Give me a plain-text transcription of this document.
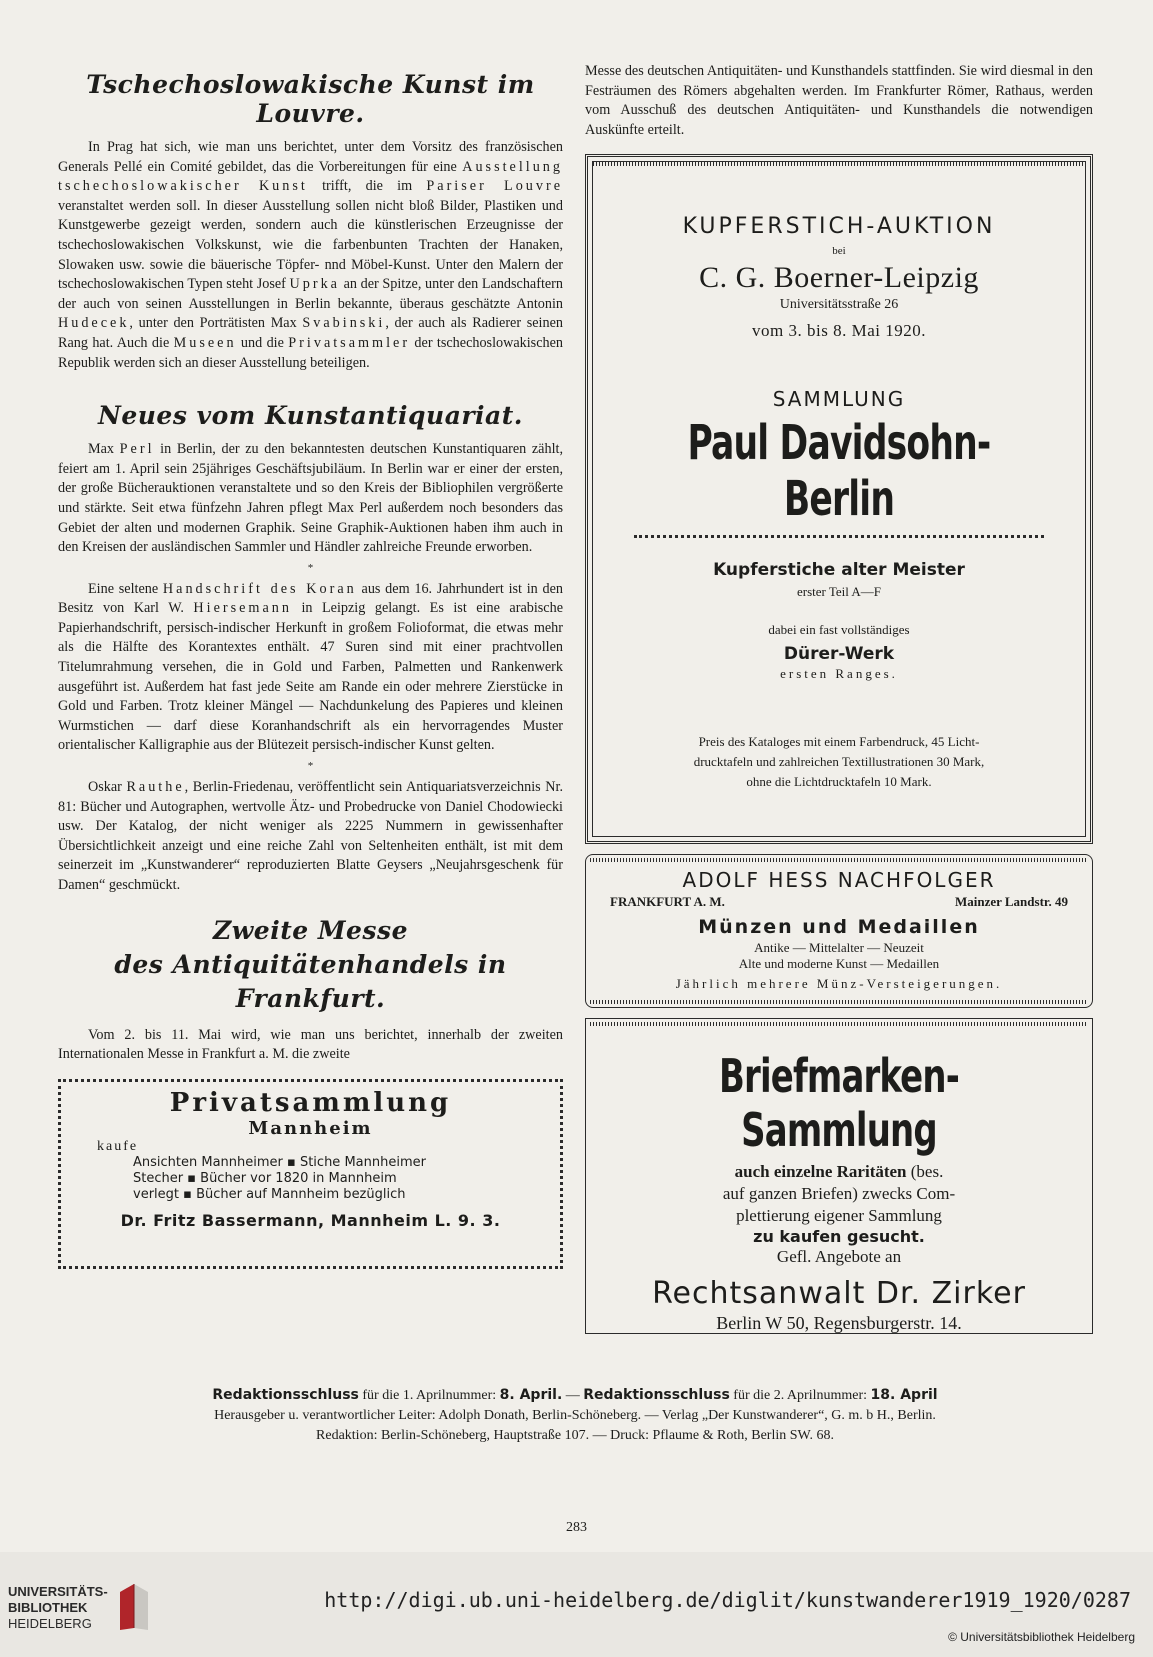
Tschechoslowakische Kunst im Louvre.

In Prag hat sich, wie man uns berichtet, unter dem Vorsitz des französischen Generals Pellé ein Comité gebildet, das die Vorbereitungen für eine Ausstellung tschechoslowakischer Kunst trifft, die im Pariser Louvre veranstaltet werden soll. In dieser Ausstellung sollen nicht bloß Bilder, Plastiken und Kunstgewerbe gezeigt werden, sondern auch die künstlerischen Erzeugnisse der tschechoslowakischen Volkskunst, wie die farbenbunten Trachten der Hanaken, Slowaken usw. sowie die bäuerische Töpfer- nnd Möbel-Kunst. Unter den Malern der tschechoslowakischen Typen steht Josef Uprka an der Spitze, unter den Landschaftern der auch von seinen Ausstellungen in Berlin bekannte, überaus geschätzte Antonin Hudecek, unter den Porträtisten Max Svabinski, der auch als Radierer seinen Rang hat. Auch die Museen und die Privatsammler der tschechoslowakischen Republik werden sich an dieser Ausstellung beteiligen.

Neues vom Kunstantiquariat.

Max Perl in Berlin, der zu den bekanntesten deutschen Kunstantiquaren zählt, feiert am 1. April sein 25jähriges Geschäftsjubiläum. In Berlin war er einer der ersten, der große Bücherauktionen veranstaltete und so den Kreis der Bibliophilen vergrößerte und stärkte. Seit etwa fünfzehn Jahren pflegt Max Perl außerdem noch besonders das Gebiet der alten und modernen Graphik. Seine Graphik-Auktionen haben ihm auch in den Kreisen der ausländischen Sammler und Händler zahlreiche Freunde erworben.

*

Eine seltene Handschrift des Koran aus dem 16. Jahrhundert ist in den Besitz von Karl W. Hiersemann in Leipzig gelangt. Es ist eine arabische Papierhandschrift, persisch-indischer Herkunft in großem Folioformat, die etwas mehr als die Hälfte des Korantextes enthält. 47 Suren sind mit einer prachtvollen Titelumrahmung versehen, die in Gold und Farben, Palmetten und Rankenwerk ausgeführt ist. Außerdem hat fast jede Seite am Rande ein oder mehrere Zierstücke in Gold und Farben. Trotz kleiner Mängel — Nachdunkelung des Papieres und kleinen Wurmstichen — darf diese Koranhandschrift als ein hervorragendes Muster orientalischer Kalligraphie aus der Blütezeit persisch-indischer Kunst gelten.

*

Oskar Rauthe, Berlin-Friedenau, veröffentlicht sein Antiquariatsverzeichnis Nr. 81: Bücher und Autographen, wertvolle Ätz- und Probedrucke von Daniel Chodowiecki usw. Der Katalog, der nicht weniger als 2225 Nummern in gewissenhafter Übersichtlichkeit anzeigt und eine reiche Zahl von Seltenheiten enthält, ist mit dem seinerzeit im „Kunstwanderer“ reproduzierten Blatte Geysers „Neujahrsgeschenk für Damen“ geschmückt.

Zweite Messe
des Antiquitätenhandels in Frankfurt.

Vom 2. bis 11. Mai wird, wie man uns berichtet, innerhalb der zweiten Internationalen Messe in Frankfurt a. M. die zweite

Privatsammlung
Mannheim
kaufe
Ansichten Mannheimer ▪ Stiche Mannheimer
Stecher ▪ Bücher vor 1820 in Mannheim
verlegt ▪ Bücher auf Mannheim bezüglich
Dr. Fritz Bassermann, Mannheim L. 9. 3.

Messe des deutschen Antiquitäten- und Kunsthandels stattfinden. Sie wird diesmal in den Festräumen des Römers abgehalten werden. Im Frankfurter Römer, Rathaus, werden vom Ausschuß des deutschen Antiquitäten- und Kunsthandels die notwendigen Auskünfte erteilt.

KUPFERSTICH-AUKTION
bei
C. G. Boerner-Leipzig
Universitätsstraße 26
vom 3. bis 8. Mai 1920.
SAMMLUNG
Paul Davidsohn-Berlin
Kupferstiche alter Meister
erster Teil A—F
dabei ein fast vollständiges
Dürer-Werk
ersten Ranges.
Preis des Kataloges mit einem Farbendruck, 45 Licht-
drucktafeln und zahlreichen Textillustrationen 30 Mark,
ohne die Lichtdrucktafeln 10 Mark.
ADOLF HESS NACHFOLGER
FRANKFURT A. M.	Mainzer Landstr. 49
Münzen und Medaillen
Antike — Mittelalter — Neuzeit
Alte und moderne Kunst — Medaillen
Jährlich mehrere Münz-Versteigerungen.
Briefmarken-Sammlung
auch einzelne Raritäten (bes.
auf ganzen Briefen) zwecks Com-
plettierung eigener Sammlung
zu kaufen gesucht.
Gefl. Angebote an
Rechtsanwalt Dr. Zirker
Berlin W 50, Regensburgerstr. 14.
Redaktionsschluss für die 1. Aprilnummer: 8. April. — Redaktionsschluss für die 2. Aprilnummer: 18. April
Herausgeber u. verantwortlicher Leiter: Adolph Donath, Berlin-Schöneberg. — Verlag „Der Kunstwanderer“, G. m. b H., Berlin.
Redaktion: Berlin-Schöneberg, Hauptstraße 107. — Druck: Pflaume & Roth, Berlin SW. 68.
283
UNIVERSITÄTS-
BIBLIOTHEK
HEIDELBERG
http://digi.ub.uni-heidelberg.de/diglit/kunstwanderer1919_1920/0287
© Universitätsbibliothek Heidelberg
